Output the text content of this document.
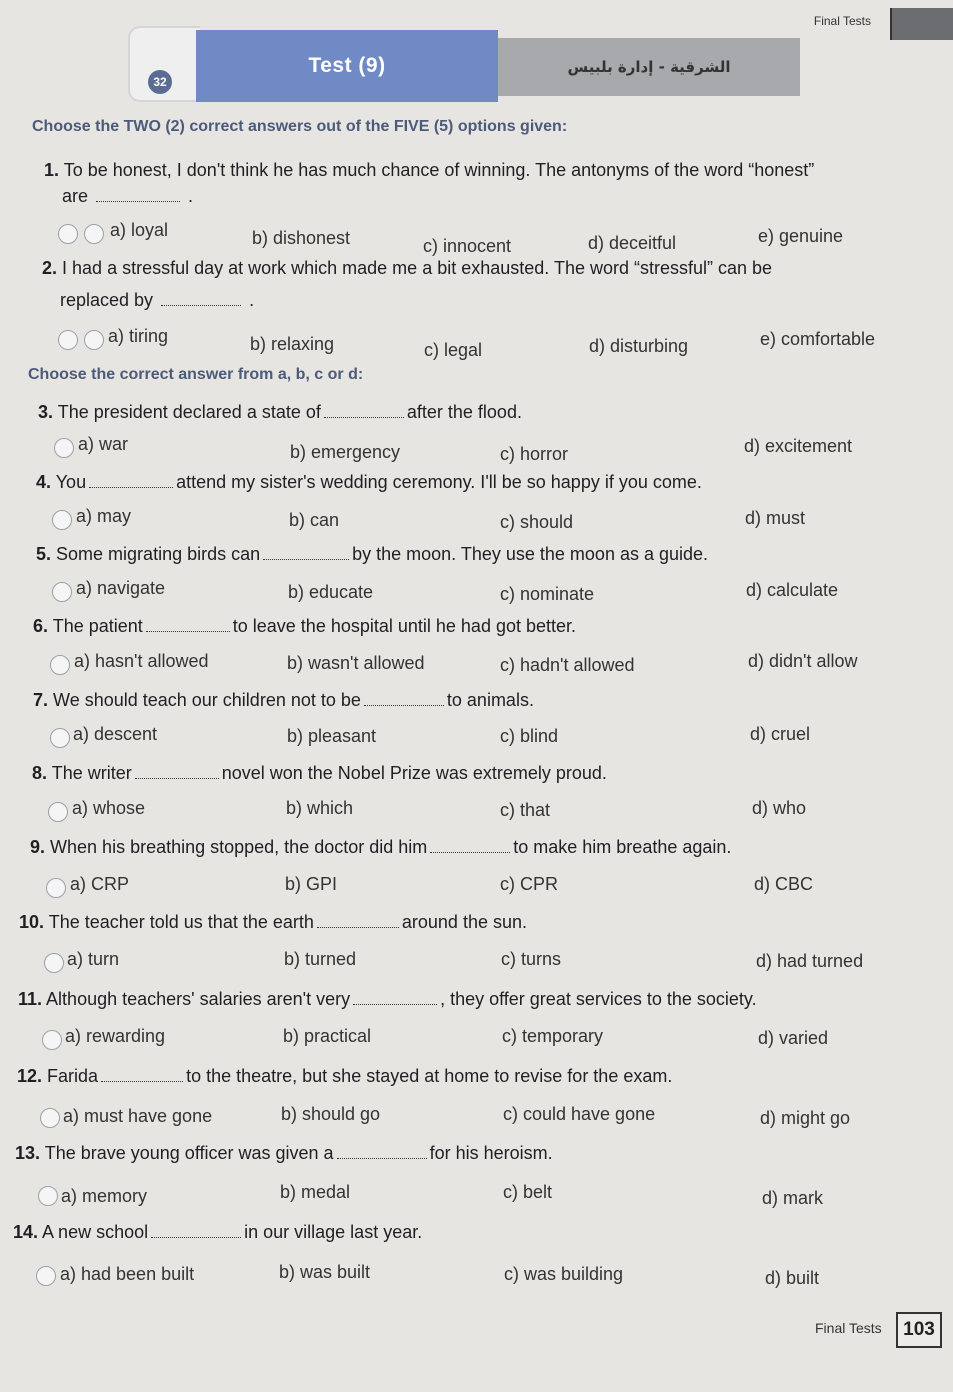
Final Tests
32
Test (9)	الشرقية - إدارة بلبيس
Choose the TWO (2) correct answers out of the FIVE (5) options given:
1. To be honest, I don't think he has much chance of winning. The antonyms of the word “honest”
are	.
a) loyal	b) dishonest	c) innocent	d) deceitful	e) genuine
2. I had a stressful day at work which made me a bit exhausted. The word “stressful” can be
replaced by	.
a) tiring	b) relaxing	c) legal	d) disturbing	e) comfortable
Choose the correct answer from a, b, c or d:
3. The president declared a state of	after the flood.
a) war	b) emergency	c) horror	d) excitement
4. You	attend my sister's wedding ceremony. I'll be so happy if you come.
a) may	b) can	c) should	d) must
5. Some migrating birds can	by the moon. They use the moon as a guide.
a) navigate	b) educate	c) nominate	d) calculate
6. The patient	to leave the hospital until he had got better.
a) hasn't allowed	b) wasn't allowed	c) hadn't allowed	d) didn't allow
7. We should teach our children not to be	to animals.
a) descent	b) pleasant	c) blind	d) cruel
8. The writer	novel won the Nobel Prize was extremely proud.
a) whose	b) which	c) that	d) who
9. When his breathing stopped, the doctor did him	to make him breathe again.
a) CRP	b) GPI	c) CPR	d) CBC
10. The teacher told us that the earth	around the sun.
a) turn	b) turned	c) turns	d) had turned
11. Although teachers' salaries aren't very	, they offer great services to the society.
a) rewarding	b) practical	c) temporary	d) varied
12. Farida	to the theatre, but she stayed at home to revise for the exam.
a) must have gone	b) should go	c) could have gone	d) might go
13. The brave young officer was given a	for his heroism.
a) memory	b) medal	c) belt	d) mark
14. A new school	in our village last year.
a) had been built	b) was built	c) was building	d) built
Final Tests	103
